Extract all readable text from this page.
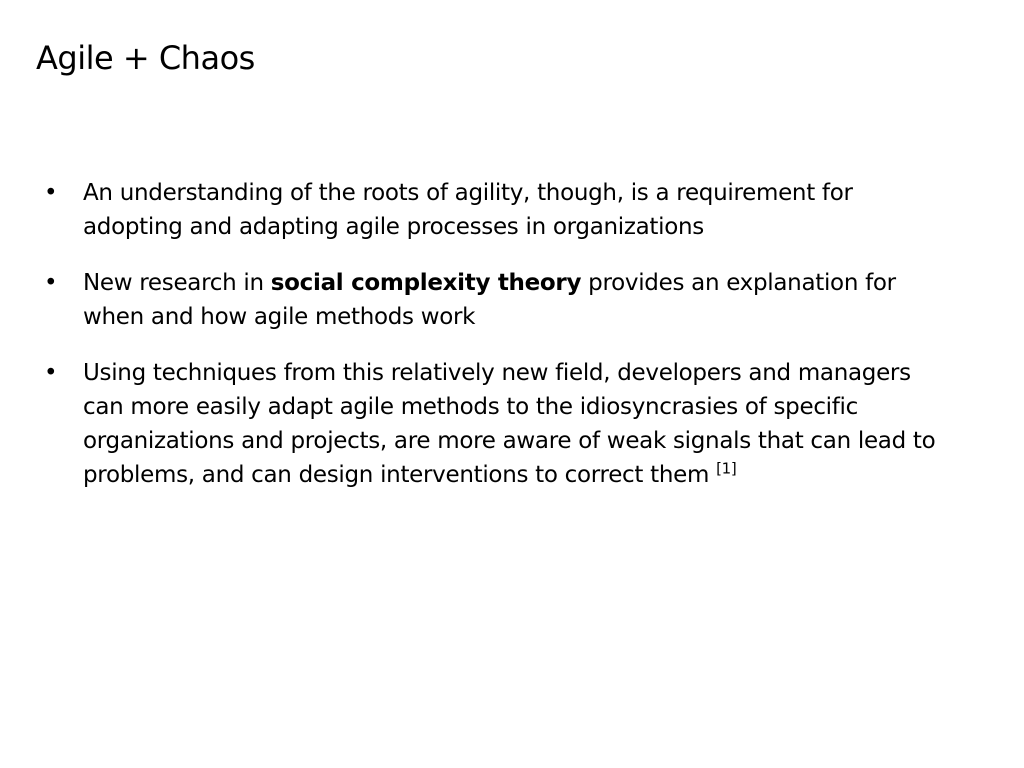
Agile + Chaos
•	An understanding of the roots of agility, though, is a requirement for adopting and adapting agile processes in organizations
•	New research in social complexity theory provides an explanation for when and how agile methods work
•	Using techniques from this relatively new field, developers and managers can more easily adapt agile methods to the idiosyncrasies of specific organizations and projects, are more aware of weak signals that can lead to problems, and can design interventions to correct them [1]
